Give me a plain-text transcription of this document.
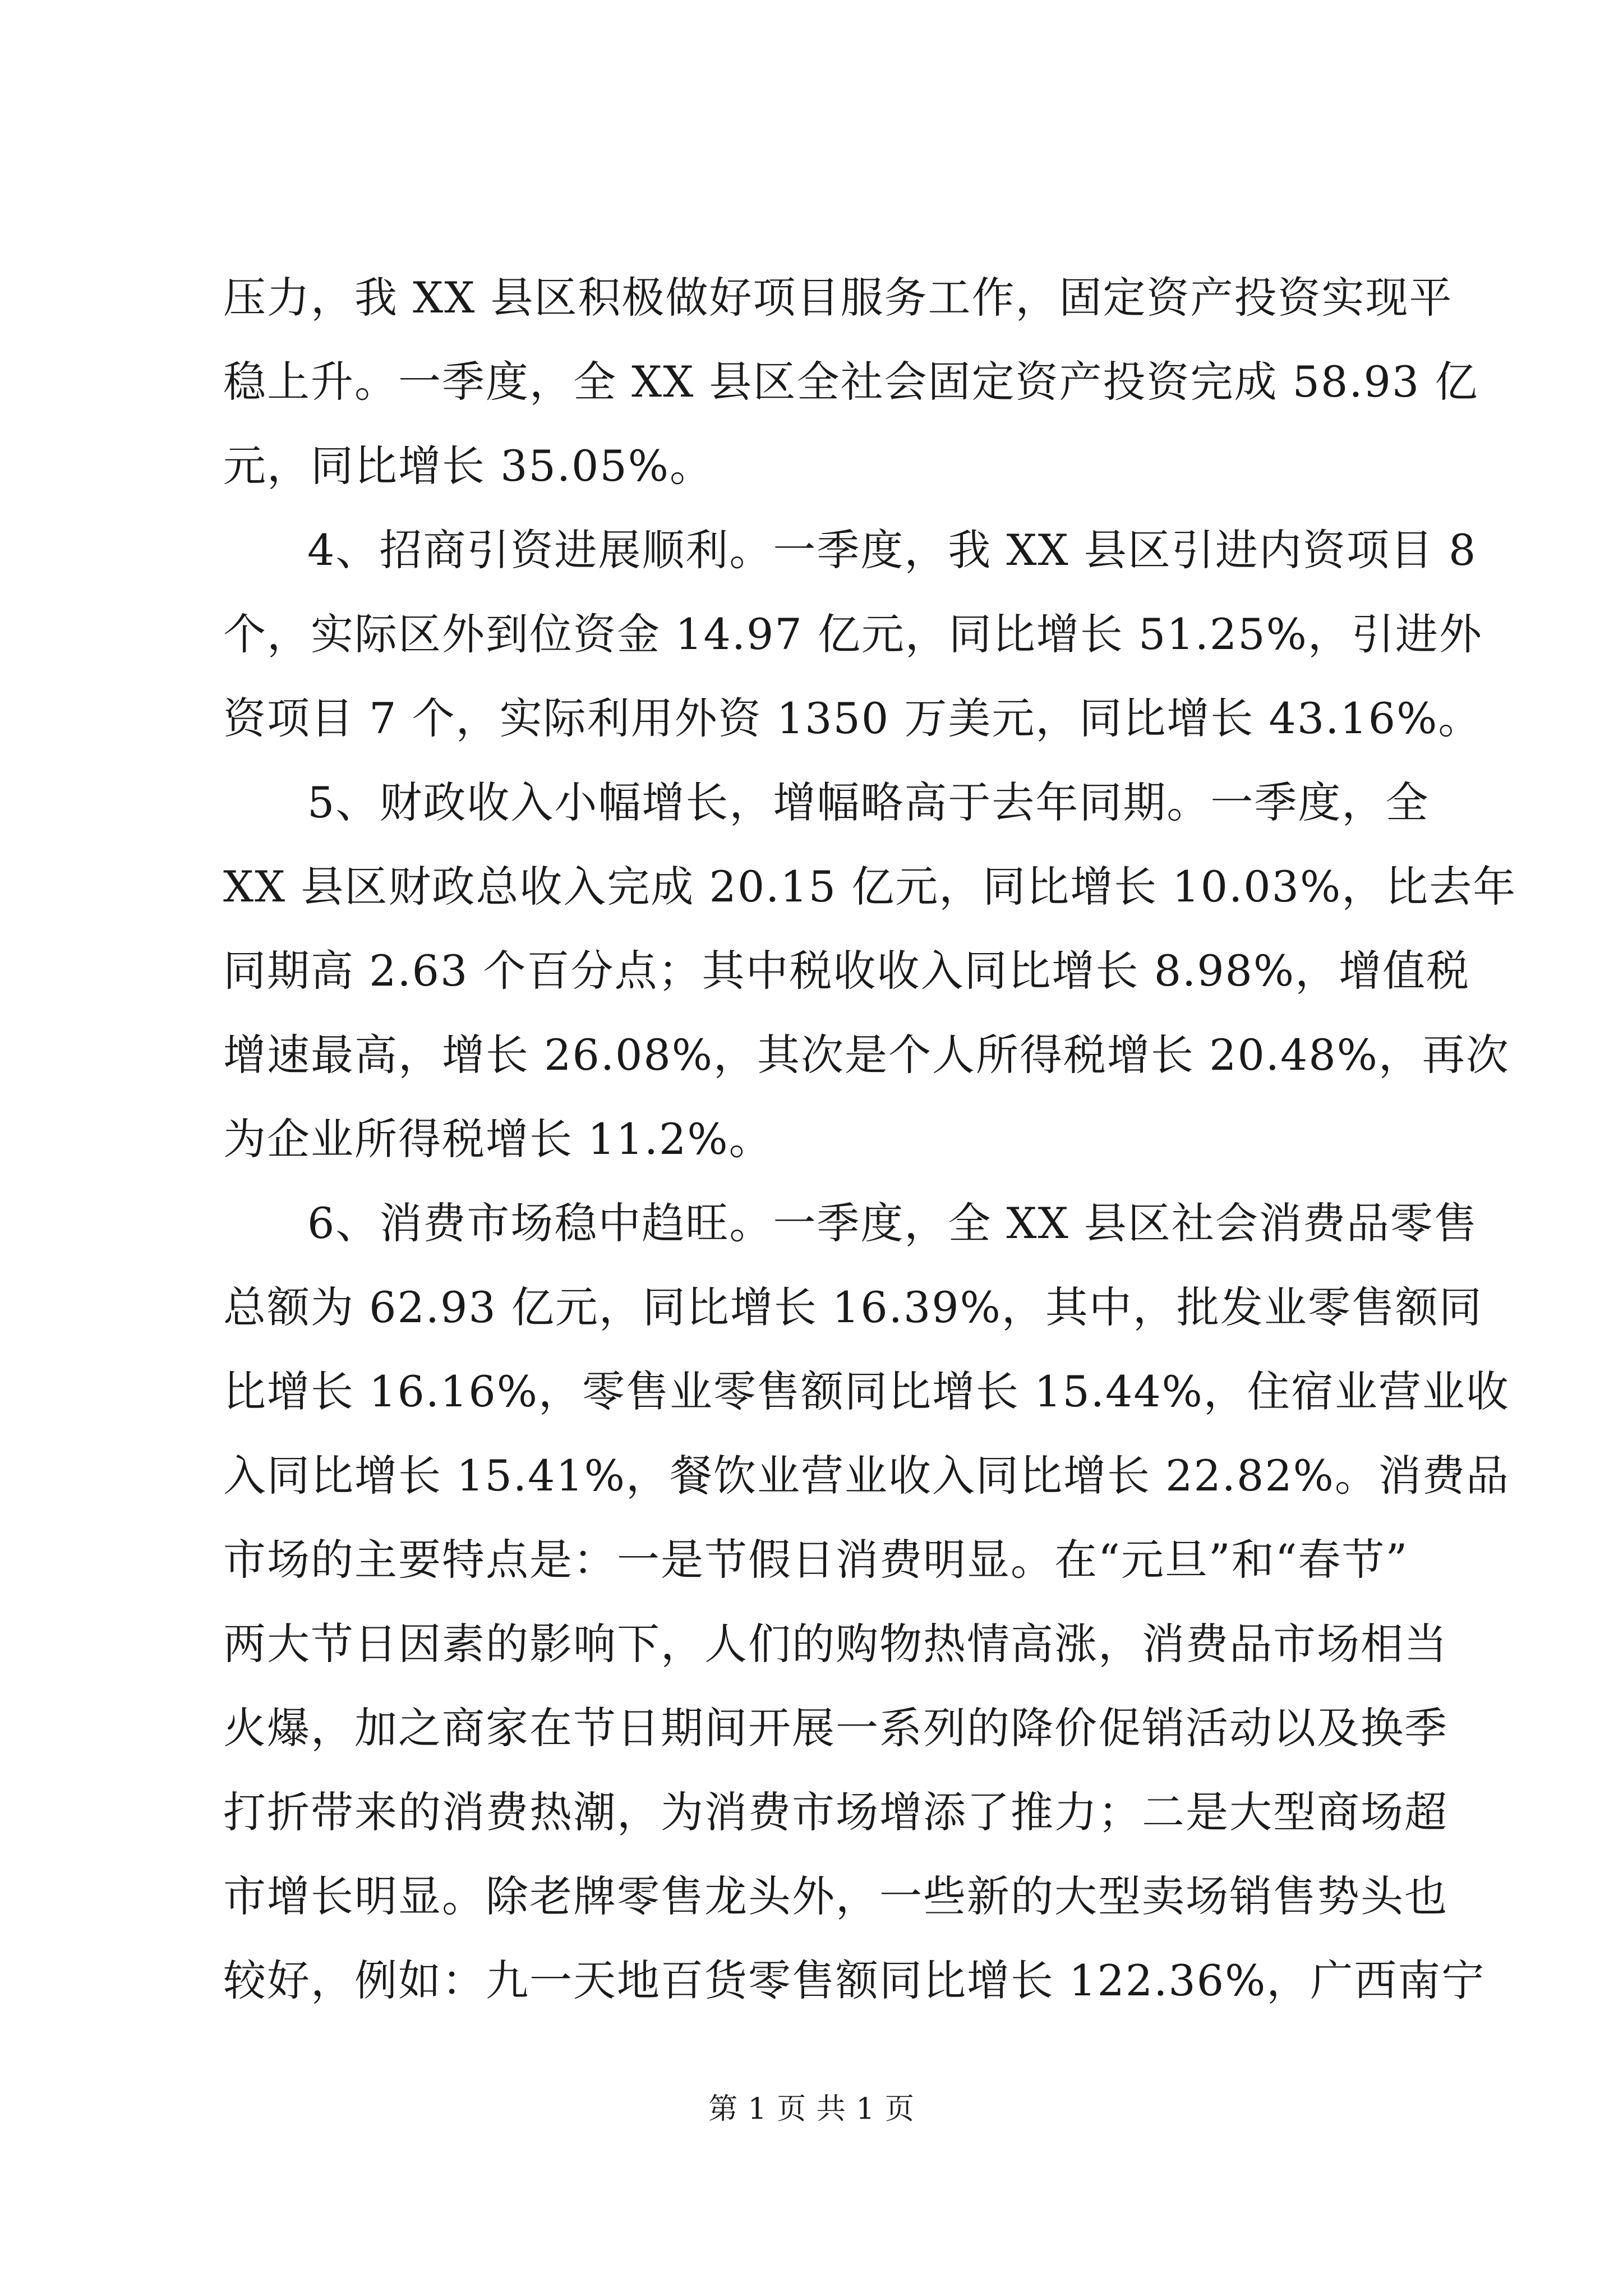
压力，我 XX 县区积极做好项目服务工作，固定资产投资实现平
稳上升。一季度，全 XX 县区全社会固定资产投资完成 58.93 亿
元，同比增长 35.05%。
4、招商引资进展顺利。一季度，我 XX 县区引进内资项目 8
个，实际区外到位资金 14.97 亿元，同比增长 51.25%，引进外
资项目 7 个，实际利用外资 1350 万美元，同比增长 43.16%。
5、财政收入小幅增长，增幅略高于去年同期。一季度，全
XX 县区财政总收入完成 20.15 亿元，同比增长 10.03%，比去年
同期高 2.63 个百分点；其中税收收入同比增长 8.98%，增值税
增速最高，增长 26.08%，其次是个人所得税增长 20.48%，再次
为企业所得税增长 11.2%。
6、消费市场稳中趋旺。一季度，全 XX 县区社会消费品零售
总额为 62.93 亿元，同比增长 16.39%，其中，批发业零售额同
比增长 16.16%，零售业零售额同比增长 15.44%，住宿业营业收
入同比增长 15.41%，餐饮业营业收入同比增长 22.82%。消费品
市场的主要特点是：一是节假日消费明显。在“元旦”和“春节”
两大节日因素的影响下，人们的购物热情高涨，消费品市场相当
火爆，加之商家在节日期间开展一系列的降价促销活动以及换季
打折带来的消费热潮，为消费市场增添了推力；二是大型商场超
市增长明显。除老牌零售龙头外，一些新的大型卖场销售势头也
较好，例如：九一天地百货零售额同比增长 122.36%，广西南宁
第 1 页 共 1 页
